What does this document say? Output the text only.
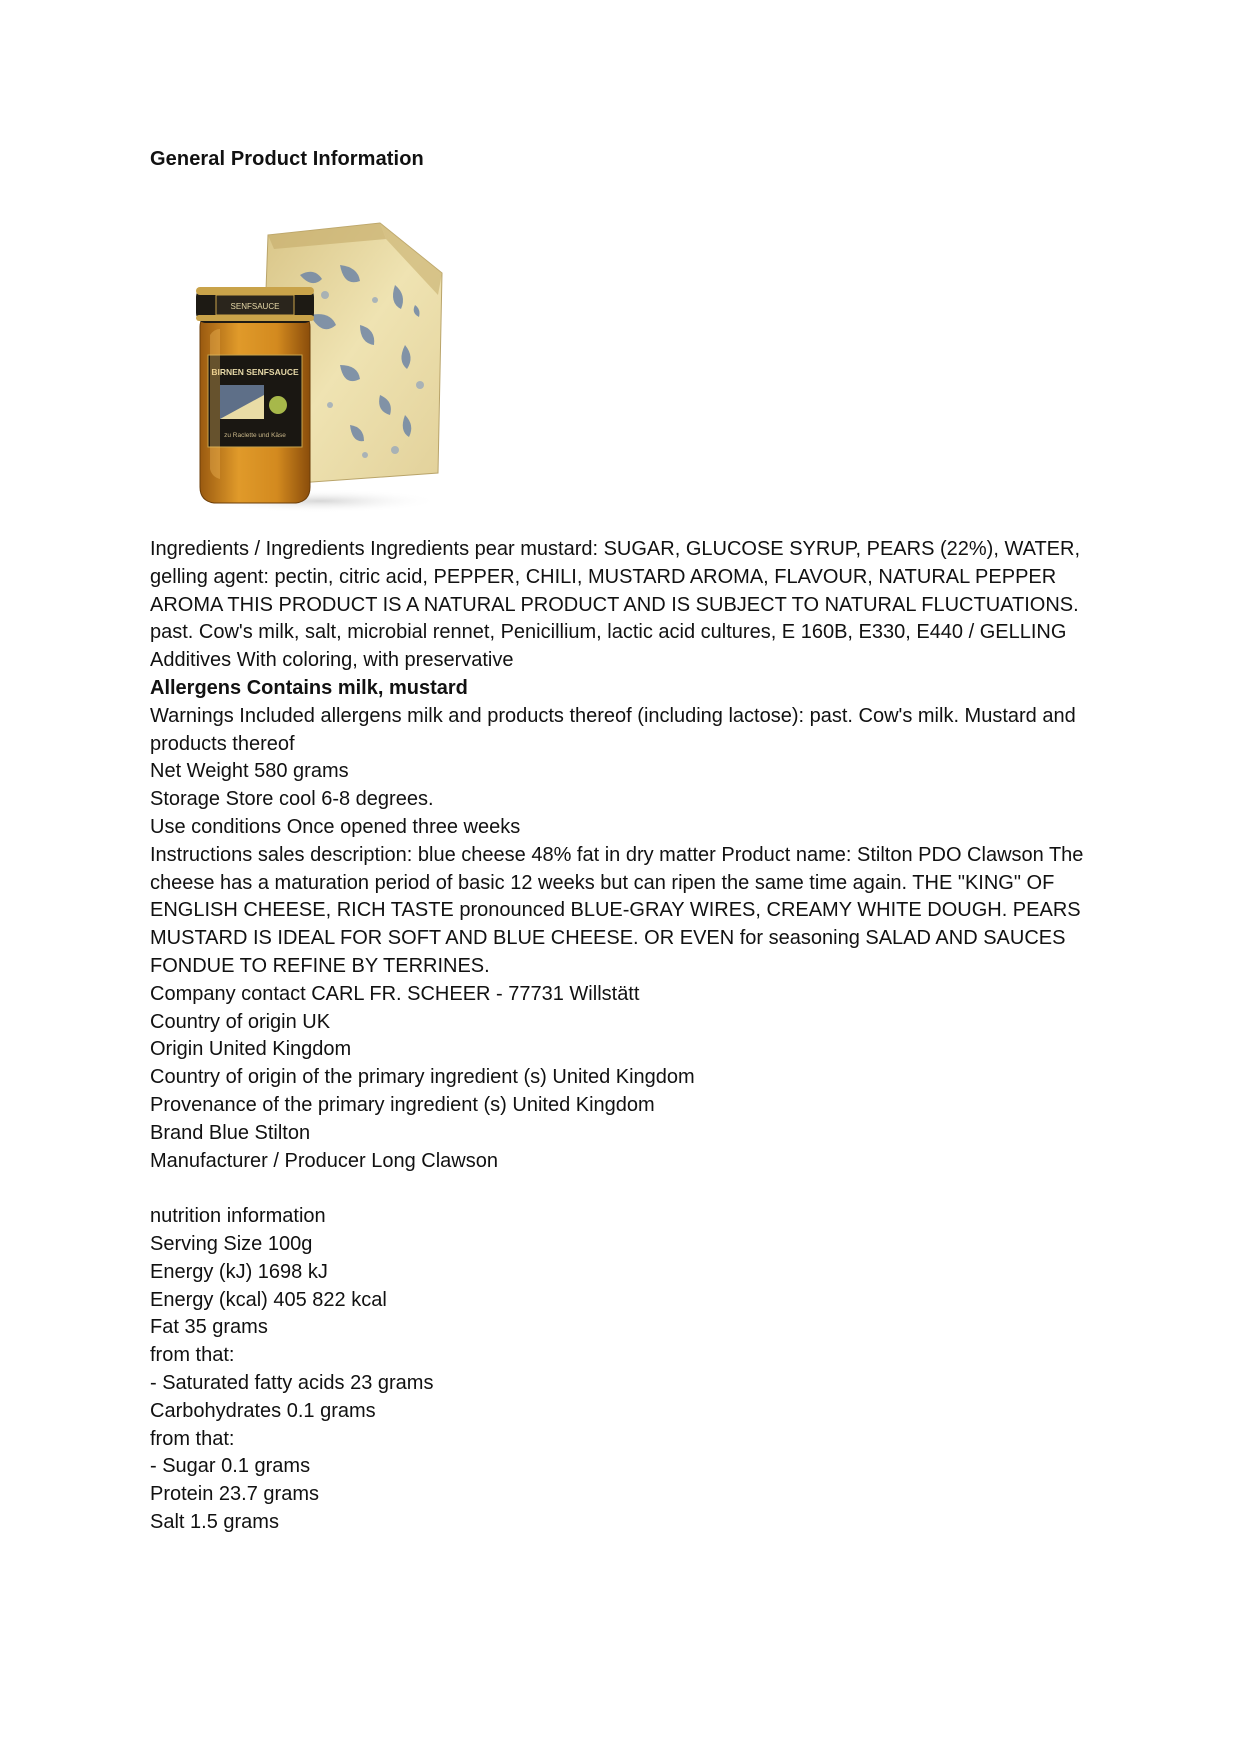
General Product Information
SENFSAUCE
BIRNEN SENFSAUCE
zu Raclette und Käse

Ingredients / Ingredients Ingredients pear mustard: SUGAR, GLUCOSE SYRUP, PEARS (22%), WATER, gelling agent: pectin, citric acid, PEPPER, CHILI, MUSTARD AROMA, FLAVOUR, NATURAL PEPPER AROMA THIS PRODUCT IS A NATURAL PRODUCT AND IS SUBJECT TO NATURAL FLUCTUATIONS. past. Cow's milk, salt, microbial rennet, Penicillium, lactic acid cultures, E 160B, E330, E440 / GELLING

Additives With coloring, with preservative

Allergens Contains milk, mustard

Warnings Included allergens milk and products thereof (including lactose): past. Cow's milk. Mustard and products thereof

Net Weight 580 grams

Storage Store cool 6-8 degrees.

Use conditions Once opened three weeks

Instructions sales description: blue cheese 48% fat in dry matter Product name: Stilton PDO Clawson The cheese has a maturation period of basic 12 weeks but can ripen the same time again. THE "KING" OF ENGLISH CHEESE, RICH TASTE pronounced BLUE-GRAY WIRES, CREAMY WHITE DOUGH. PEARS MUSTARD IS IDEAL FOR SOFT AND BLUE CHEESE. OR EVEN for seasoning SALAD AND SAUCES FONDUE TO REFINE BY TERRINES.

Company contact CARL FR. SCHEER - 77731 Willstätt

Country of origin UK

Origin United Kingdom

Country of origin of the primary ingredient (s) United Kingdom

Provenance of the primary ingredient (s) United Kingdom

Brand Blue Stilton

Manufacturer / Producer Long Clawson

nutrition information

Serving Size 100g

Energy (kJ) 1698 kJ

Energy (kcal) 405 822 kcal

Fat 35 grams

from that:

- Saturated fatty acids 23 grams

Carbohydrates 0.1 grams

from that:

- Sugar 0.1 grams

Protein 23.7 grams

Salt 1.5 grams
